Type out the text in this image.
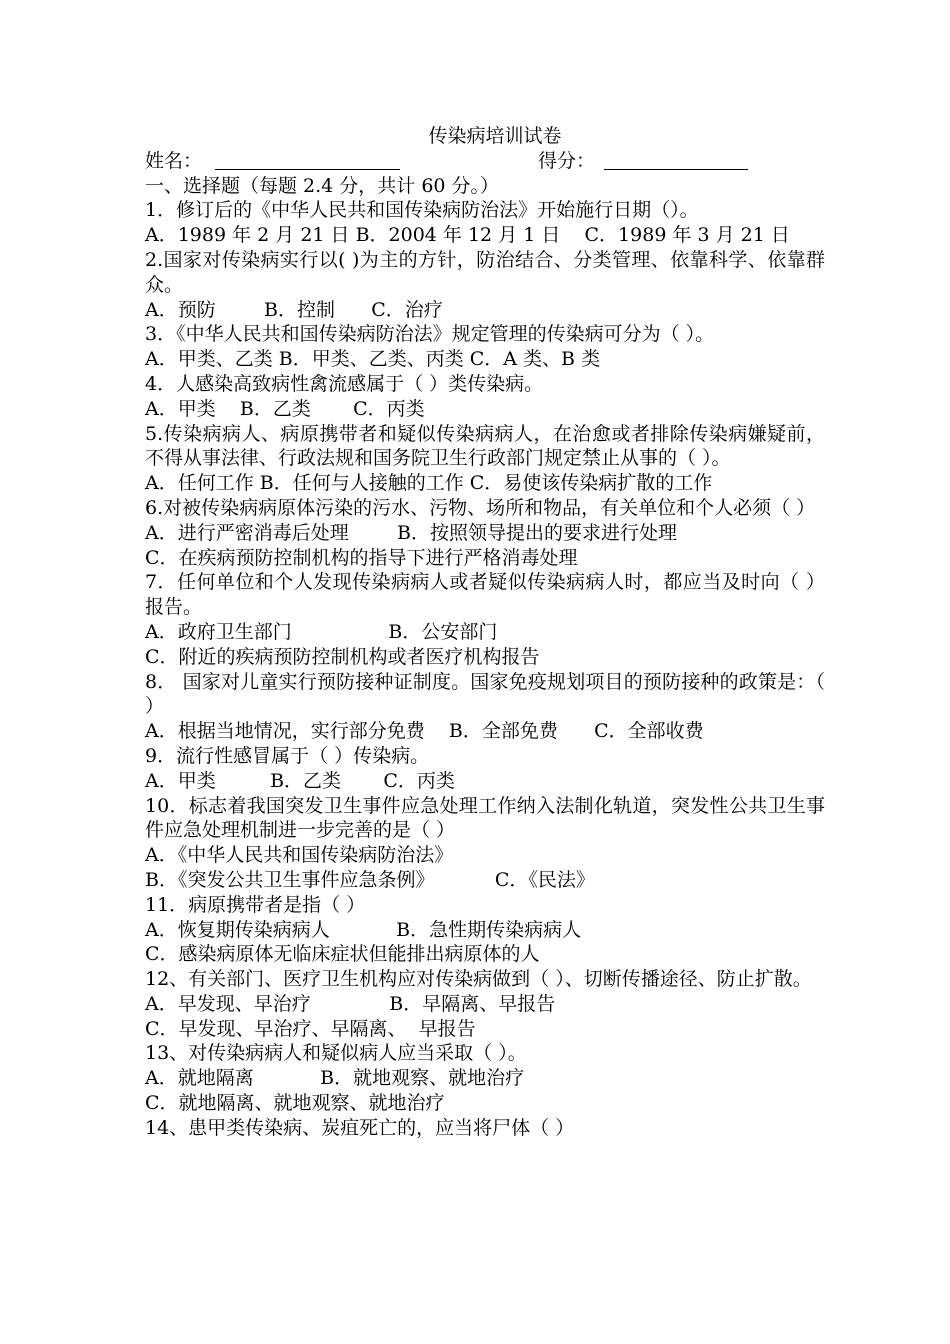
传染病培训试卷
姓名：	得分：
一、选择题（每题 2.4 分，共计 60 分。）
1．修订后的《中华人民共和国传染病防治法》开始施行日期（）。
A．1989 年 2 月 21 日 B．2004 年 12 月 1 日    C．1989 年 3 月 21 日
2.国家对传染病实行以( )为主的方针，防治结合、分类管理、依靠科学、依靠群众。
A．预防        B．控制      C．治疗
3．《中华人民共和国传染病防治法》规定管理的传染病可分为（ ）。
A．甲类、乙类 B．甲类、乙类、丙类 C．A 类、B 类
4．人感染高致病性禽流感属于（ ）类传染病。
A．甲类    B．乙类       C．丙类
5.传染病病人、病原携带者和疑似传染病病人，在治愈或者排除传染病嫌疑前，不得从事法律、行政法规和国务院卫生行政部门规定禁止从事的（ ）。
A．任何工作 B．任何与人接触的工作 C．易使该传染病扩散的工作
6.对被传染病病原体污染的污水、污物、场所和物品，有关单位和个人必须（ ）
A．进行严密消毒后处理        B．按照领导提出的要求进行处理
C．在疾病预防控制机构的指导下进行严格消毒处理
7．任何单位和个人发现传染病病人或者疑似传染病病人时，都应当及时向（ ）报告。
A．政府卫生部门                B．公安部门
C．附近的疾病预防控制机构或者医疗机构报告
8． 国家对儿童实行预防接种证制度。国家免疫规划项目的预防接种的政策是：（ ）
A．根据当地情况，实行部分免费    B．全部免费      C．全部收费
9．流行性感冒属于（ ）传染病。
A．甲类         B．乙类       C．丙类
10．标志着我国突发卫生事件应急处理工作纳入法制化轨道，突发性公共卫生事件应急处理机制进一步完善的是（ ）
A．《中华人民共和国传染病防治法》
B．《突发公共卫生事件应急条例》          C．《民法》
11．病原携带者是指（ ）
A．恢复期传染病病人           B．急性期传染病病人
C．感染病原体无临床症状但能排出病原体的人
12、有关部门、医疗卫生机构应对传染病做到（ ）、切断传播途径、防止扩散。
A．早发现、早治疗             B．早隔离、早报告
C．早发现、早治疗、早隔离、  早报告
13、对传染病病人和疑似病人应当采取（ ）。
A．就地隔离           B．就地观察、就地治疗
C．就地隔离、就地观察、就地治疗
14、患甲类传染病、炭疽死亡的，应当将尸体（ ）
